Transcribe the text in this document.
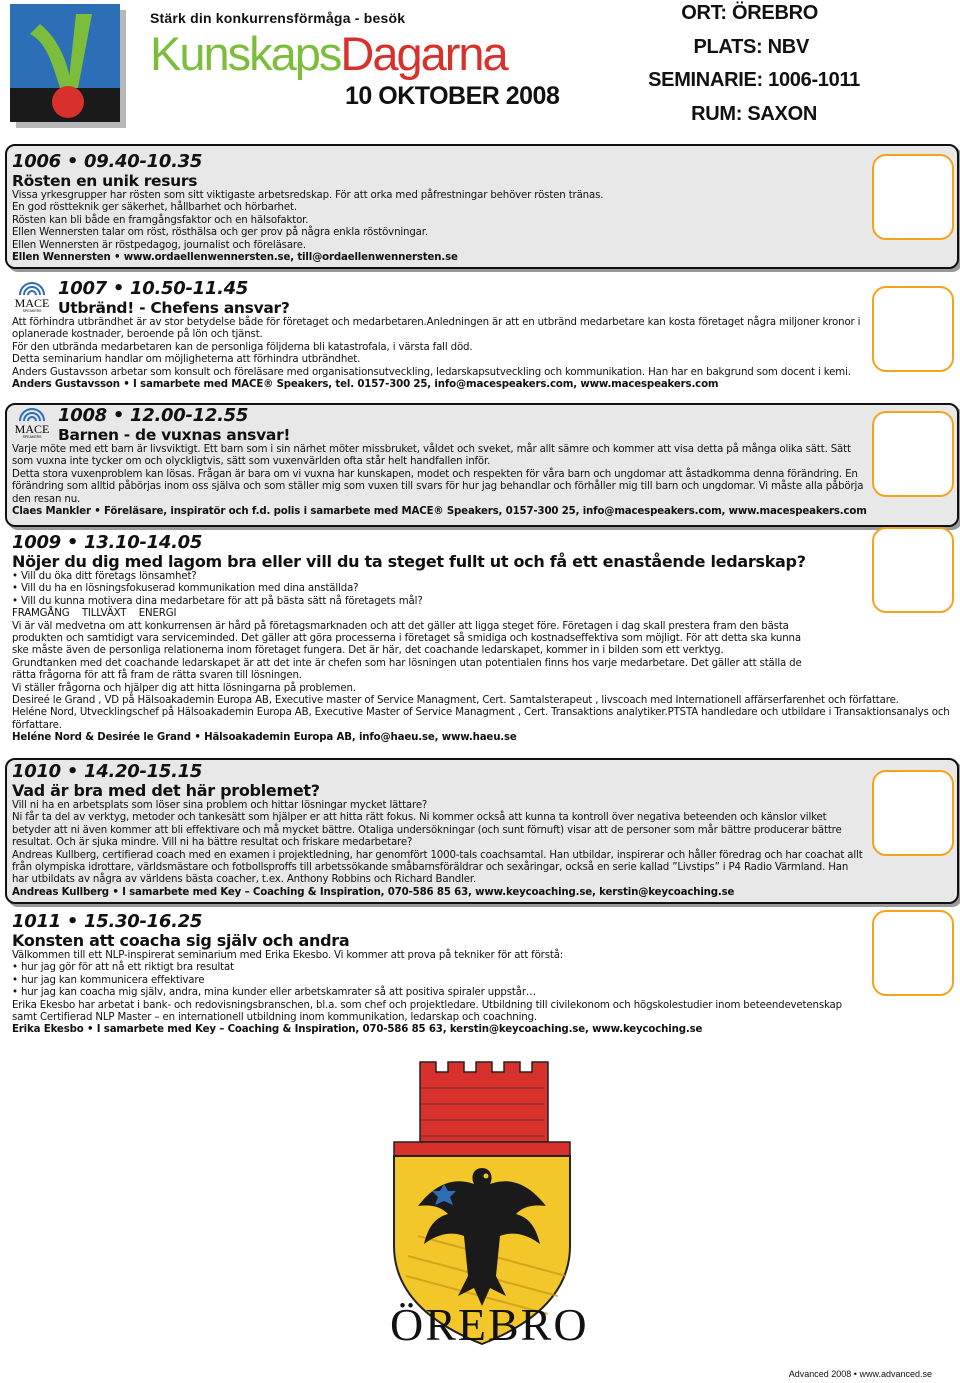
Stärk din konkurrensförmåga - besök
KunskapsDagarna
10 OKTOBER 2008
ORT: ÖREBRO
PLATS: NBV
SEMINARIE: 1006-1011
RUM: SAXON
1006 • 09.40-10.35
Rösten en unik resurs

Vissa yrkesgrupper har rösten som sitt viktigaste arbetsredskap. För att orka med påfrestningar behöver rösten tränas.

En god röstteknik ger säkerhet, hållbarhet och hörbarhet.

Rösten kan bli både en framgångsfaktor och en hälsofaktor.

Ellen Wennersten talar om röst, rösthälsa och ger prov på några enkla röstövningar.

Ellen Wennersten är röstpedagog, journalist och föreläsare.

Ellen Wennersten • www.ordaellenwennersten.se, till@ordaellenwennersten.se

MACE
SPEAKERS
MACE
SPEAKERS
1007 • 10.50-11.45
Utbränd! - Chefens ansvar?

Att förhindra utbrändhet är av stor betydelse både för företaget och medarbetaren.Anledningen är att en utbränd medarbetare kan kosta företaget några miljoner kronor i oplanerade kostnader, beroende på lön och tjänst.

För den utbrända medarbetaren kan de personliga följderna bli katastrofala, i värsta fall död.

Detta seminarium handlar om möjligheterna att förhindra utbrändhet.

Anders Gustavsson arbetar som konsult och föreläsare med organisationsutveckling, ledarskapsutveckling och kommunikation. Han har en bakgrund som docent i kemi.

Anders Gustavsson • I samarbete med MACE® Speakers, tel. 0157-300 25, info@macespeakers.com, www.macespeakers.com

1008 • 12.00-12.55
Barnen - de vuxnas ansvar!

Varje möte med ett barn är livsviktigt. Ett barn som i sin närhet möter missbruket, våldet och sveket, mår allt sämre och kommer att visa detta på många olika sätt. Sätt som vuxna inte tycker om och olyckligtvis, sätt som vuxenvärlden ofta står helt handfallen inför.

Detta stora vuxenproblem kan lösas. Frågan är bara om vi vuxna har kunskapen, modet och respekten för våra barn och ungdomar att åstadkomma denna förändring. En förändring som alltid påbörjas inom oss själva och som ställer mig som vuxen till svars för hur jag behandlar och förhåller mig till barn och ungdomar. Vi måste alla påbörja den resan nu.

Claes Mankler • Föreläsare, inspiratör och f.d. polis i samarbete med MACE® Speakers, 0157-300 25, info@macespeakers.com, www.macespeakers.com

1009 • 13.10-14.05
Nöjer du dig med lagom bra eller vill du ta steget fullt ut och få ett enastående ledarskap?

• Vill du öka ditt företags lönsamhet?

• Vill du ha en lösningsfokuserad kommunikation med dina anställda?

• Vill du kunna motivera dina medarbetare för att på bästa sätt nå företagets mål?

FRAMGÅNG    TILLVÄXT    ENERGI

Vi är väl medvetna om att konkurrensen är hård på företagsmarknaden och att det gäller att ligga steget före. Företagen i dag skall prestera fram den bästa produkten och samtidigt vara serviceminded. Det gäller att göra processerna i företaget så smidiga och kostnadseffektiva som möjligt. För att detta ska kunna ske måste även de personliga relationerna inom företaget fungera. Det är här, det coachande ledarskapet, kommer in i bilden som ett verktyg.

Grundtanken med det coachande ledarskapet är att det inte är chefen som har lösningen utan potentialen finns hos varje medarbetare. Det gäller att ställa de rätta frågorna för att få fram de rätta svaren till lösningen.

Vi ställer frågorna och hjälper dig att hitta lösningarna på problemen.

Desireé le Grand , VD på Hälsoakademin Europa AB, Executive master of Service Managment, Cert. Samtalsterapeut , livscoach med Internationell affärserfarenhet och författare.

Heléne Nord, Utvecklingschef på Hälsoakademin Europa AB, Executive Master of Service Managment , Cert. Transaktions analytiker.PTSTA handledare och utbildare i Transaktionsanalys och författare.

Heléne Nord & Desirée le Grand • Hälsoakademin Europa AB, info@haeu.se, www.haeu.se

1010 • 14.20-15.15
Vad är bra med det här problemet?

Vill ni ha en arbetsplats som löser sina problem och hittar lösningar mycket lättare?

Ni får ta del av verktyg, metoder och tankesätt som hjälper er att hitta rätt fokus. Ni kommer också att kunna ta kontroll över negativa beteenden och känslor vilket betyder att ni även kommer att bli effektivare och må mycket bättre. Otaliga undersökningar (och sunt förnuft) visar att de personer som mår bättre producerar bättre resultat. Och är sjuka mindre. Vill ni ha bättre resultat och friskare medarbetare?

Andreas Kullberg, certifierad coach med en examen i projektledning, har genomfört 1000-tals coachsamtal. Han utbildar, inspirerar och håller föredrag och har coachat allt från olympiska idrottare, världsmästare och fotbollsproffs till arbetssökande småbarnsföräldrar och sexåringar, också en serie kallad ”Livstips” i P4 Radio Värmland. Han har utbildats av några av världens bästa coacher, t.ex. Anthony Robbins och Richard Bandler.

Andreas Kullberg • I samarbete med Key – Coaching & Inspiration, 070-586 85 63, www.keycoaching.se, kerstin@keycoaching.se

1011 • 15.30-16.25
Konsten att coacha sig själv och andra

Välkommen till ett NLP-inspirerat seminarium med Erika Ekesbo. Vi kommer att prova på tekniker för att förstå:

• hur jag gör för att nå ett riktigt bra resultat

• hur jag kan kommunicera effektivare

• hur jag kan coacha mig själv, andra, mina kunder eller arbetskamrater så att positiva spiraler uppstår…

Erika Ekesbo har arbetat i bank- och redovisningsbranschen, bl.a. som chef och projektledare. Utbildning till civilekonom och högskolestudier inom beteendevetenskap samt Certifierad NLP Master – en internationell utbildning inom kommunikation, ledarskap och coachning.

Erika Ekesbo • I samarbete med Key – Coaching & Inspiration, 070-586 85 63, kerstin@keycoaching.se, www.keycoching.se

ÖREBRO
Advanced 2008 • www.advanced.se
